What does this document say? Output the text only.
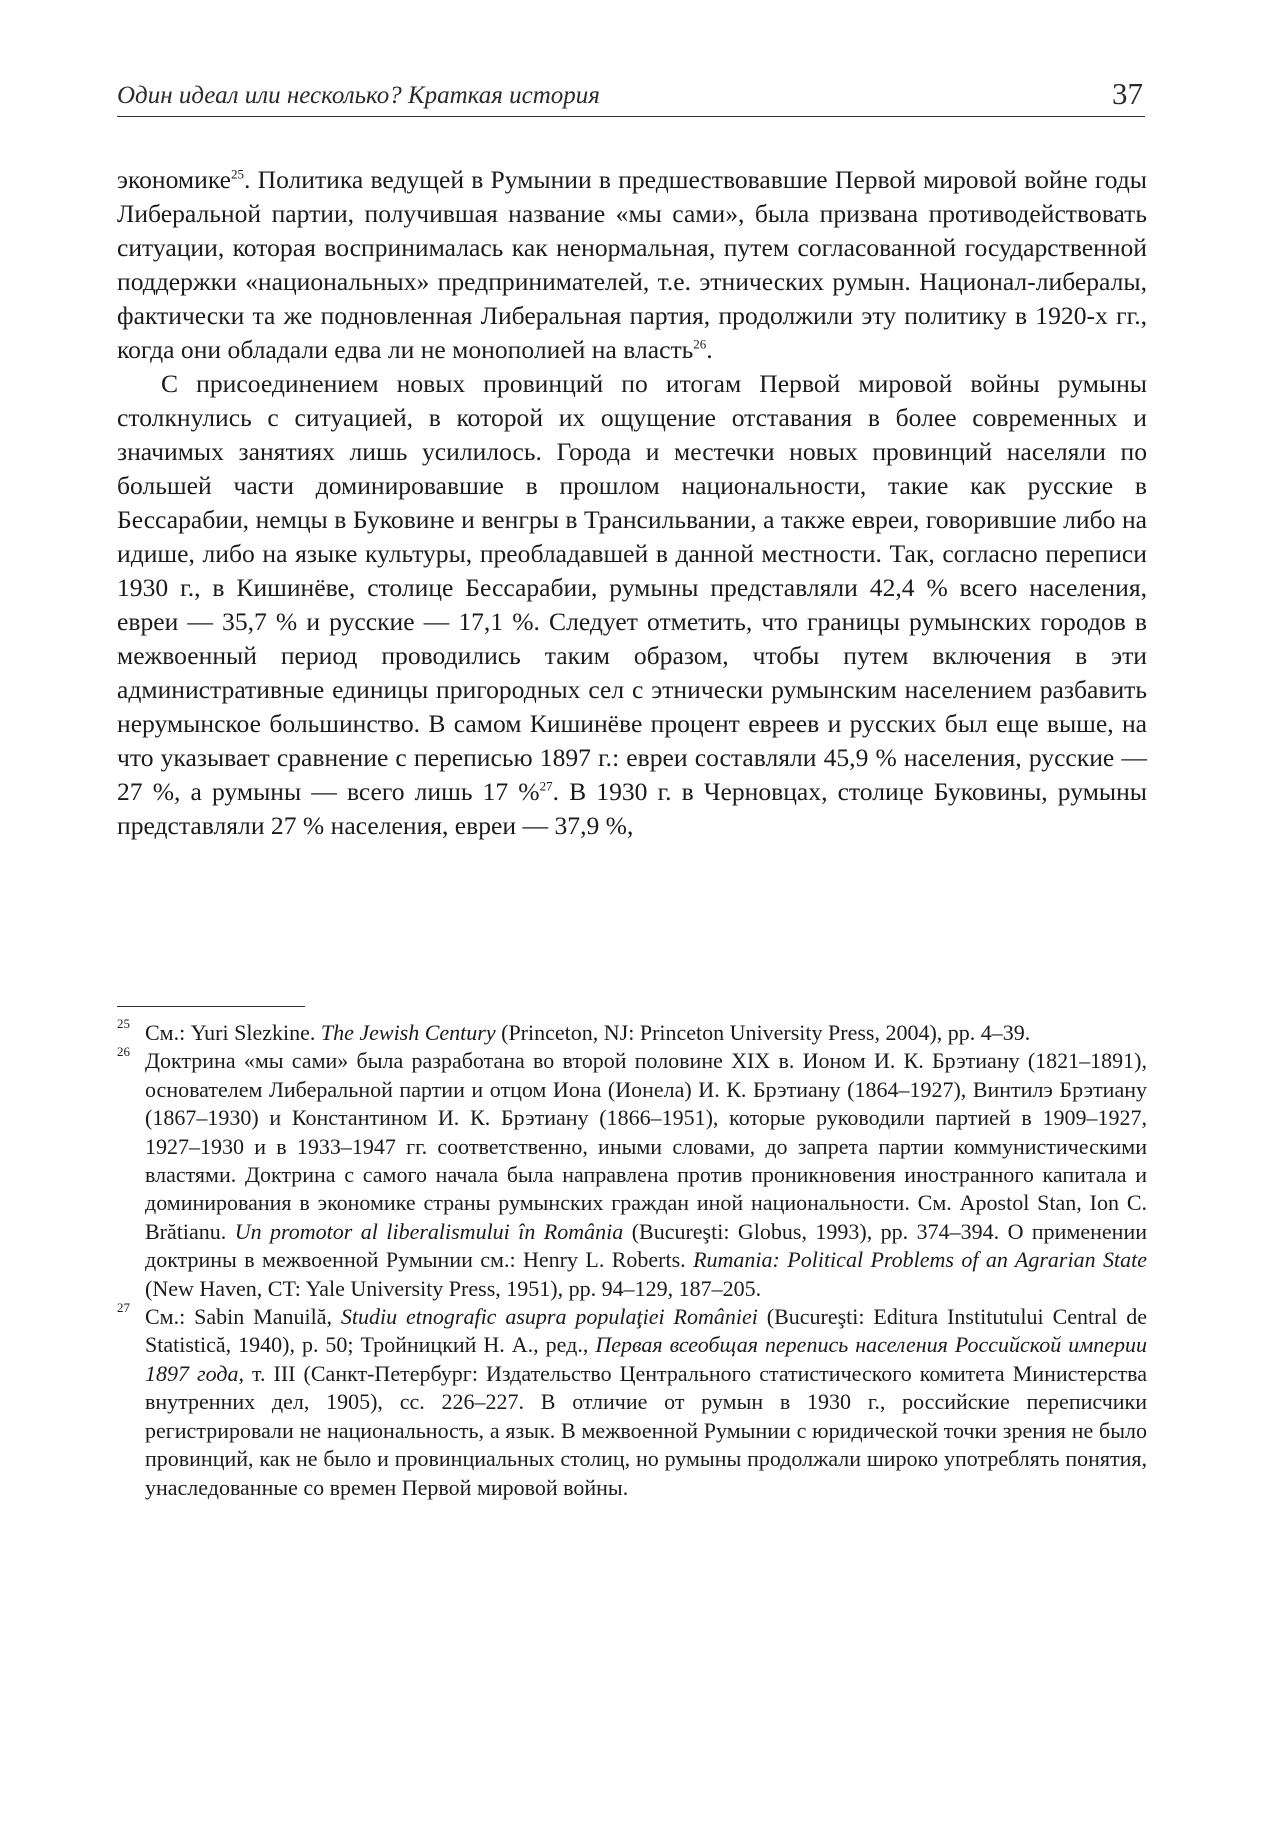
Один идеал или несколько? Краткая история	37

экономике$^{25}$. Политика ведущей в Румынии в предшествовавшие Первой мировой войне годы Либеральной партии, получившая название «мы сами», была призвана противодействовать ситуации, которая воспринималась как ненормальная, путем согласованной государственной поддержки «национальных» предпринимателей, т.е. этнических румын. Национал-либералы, фактически та же подновленная Либеральная партия, продолжили эту политику в 1920-х гг., когда они обладали едва ли не монополией на власть$^{26}$.

С присоединением новых провинций по итогам Первой мировой войны румыны столкнулись с ситуацией, в которой их ощущение отставания в более современных и значимых занятиях лишь усилилось. Города и местечки новых провинций населяли по большей части доминировавшие в прошлом национальности, такие как русские в Бессарабии, немцы в Буковине и венгры в Трансильвании, а также евреи, говорившие либо на идише, либо на языке культуры, преобладавшей в данной местности. Так, согласно переписи 1930 г., в Кишинёве, столице Бессарабии, румыны представляли 42,4 % всего населения, евреи — 35,7 % и русские — 17,1 %. Следует отметить, что границы румынских городов в межвоенный период проводились таким образом, чтобы путем включения в эти административные единицы пригородных сел с этнически румынским населением разбавить нерумынское большинство. В самом Кишинёве процент евреев и русских был еще выше, на что указывает сравнение с переписью 1897 г.: евреи составляли 45,9 % населения, русские — 27 %, а румыны — всего лишь 17 %$^{27}$. В 1930 г. в Черновцах, столице Буковины, румыны представляли 27 % населения, евреи — 37,9 %,

25 См.: Yuri Slezkine. The Jewish Century (Princeton, NJ: Princeton University Press, 2004), pp. 4–39.
26 Доктрина «мы сами» была разработана во второй половине XIX в. Ионом И. К. Брэтиану (1821–1891), основателем Либеральной партии и отцом Иона (Ионела) И. К. Брэтиану (1864–1927), Винтилэ Брэтиану (1867–1930) и Константином И. К. Брэтиану (1866–1951), которые руководили партией в 1909–1927, 1927–1930 и в 1933–1947 гг. соответственно, иными словами, до запрета партии коммунистическими властями. Доктрина с самого начала была направлена против проникновения иностранного капитала и доминирования в экономике страны румынских граждан иной национальности. См. Apostol Stan, Ion C. Brătianu. Un promotor al liberalismului în România (Bucureşti: Globus, 1993), pp. 374–394. О применении доктрины в межвоенной Румынии см.: Henry L. Roberts. Rumania: Political Problems of an Agrarian State (New Haven, CT: Yale University Press, 1951), pp. 94–129, 187–205.
27 См.: Sabin Manuilă, Studiu etnografic asupra populaţiei României (Bucureşti: Editura Institutului Central de Statistică, 1940), p. 50; Тройницкий Н. А., ред., Первая всеобщая перепись населения Российской империи 1897 года, т. III (Санкт-Петербург: Издательство Центрального статистического комитета Министерства внутренних дел, 1905), сс. 226–227. В отличие от румын в 1930 г., российские переписчики регистрировали не национальность, а язык. В межвоенной Румынии с юридической точки зрения не было провинций, как не было и провинциальных столиц, но румыны продолжали широко употреблять понятия, унаследованные со времен Первой мировой войны.
